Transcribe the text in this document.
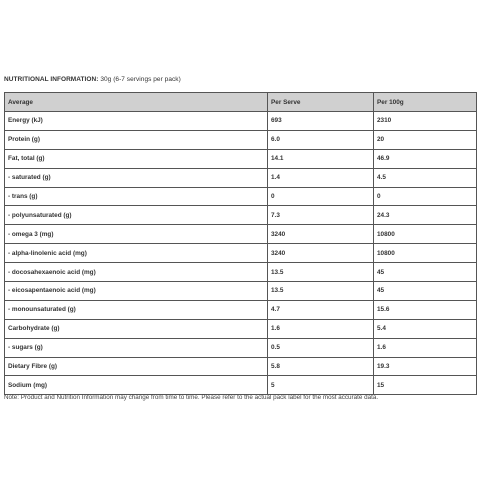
NUTRITIONAL INFORMATION: 30g (6-7 servings per pack)
Average	Per Serve	Per 100g
Energy (kJ)	693	2310
Protein (g)	6.0	20
Fat, total (g)	14.1	46.9
- saturated (g)	1.4	4.5
- trans (g)	0	0
- polyunsaturated (g)	7.3	24.3
- omega 3 (mg)	3240	10800
- alpha-linolenic acid (mg)	3240	10800
- docosahexaenoic acid (mg)	13.5	45
- eicosapentaenoic acid (mg)	13.5	45
- monounsaturated (g)	4.7	15.6
Carbohydrate (g)	1.6	5.4
- sugars (g)	0.5	1.6
Dietary Fibre (g)	5.8	19.3
Sodium (mg)	5	15
Note: Product and Nutrition Information may change from time to time. Please refer to the actual pack label for the most accurate data.
